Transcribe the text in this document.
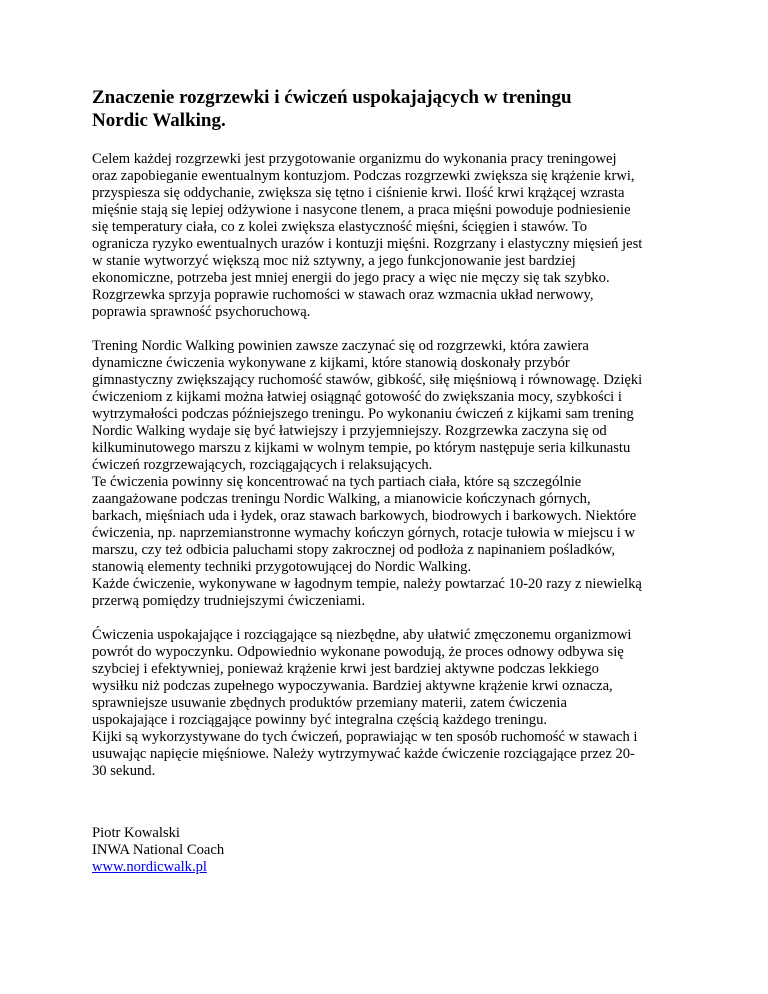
Znaczenie rozgrzewki i ćwiczeń uspokajających w treningu
Nordic Walking.
Celem każdej rozgrzewki jest przygotowanie organizmu do wykonania pracy treningowej
oraz zapobieganie ewentualnym kontuzjom. Podczas rozgrzewki zwiększa się krążenie krwi,
przyspiesza się oddychanie, zwiększa się tętno i ciśnienie krwi. Ilość krwi krążącej wzrasta
mięśnie stają się lepiej odżywione i nasycone tlenem, a praca mięśni powoduje podniesienie
się temperatury ciała, co z kolei zwiększa elastyczność mięśni, ścięgien i stawów. To
ogranicza ryzyko ewentualnych urazów i kontuzji mięśni. Rozgrzany i elastyczny mięsień jest
w stanie wytworzyć większą moc niż sztywny, a jego funkcjonowanie jest bardziej
ekonomiczne, potrzeba jest mniej energii do jego pracy a więc nie męczy się tak szybko.
Rozgrzewka sprzyja poprawie ruchomości w stawach oraz wzmacnia układ nerwowy,
poprawia sprawność psychoruchową.
Trening Nordic Walking powinien zawsze zaczynać się od rozgrzewki, która zawiera
dynamiczne ćwiczenia wykonywane z kijkami, które stanowią doskonały przybór
gimnastyczny zwiększający ruchomość stawów, gibkość, siłę mięśniową i równowagę. Dzięki
ćwiczeniom z kijkami można łatwiej osiągnąć gotowość do zwiększania mocy, szybkości i
wytrzymałości podczas późniejszego treningu. Po wykonaniu ćwiczeń z kijkami sam trening
Nordic Walking wydaje się być łatwiejszy i przyjemniejszy. Rozgrzewka zaczyna się od
kilkuminutowego marszu z kijkami w wolnym tempie, po którym następuje seria kilkunastu
ćwiczeń rozgrzewających, rozciągających i relaksujących.
Te ćwiczenia powinny się koncentrować na tych partiach ciała, które są szczególnie
zaangażowane podczas treningu Nordic Walking, a mianowicie kończynach górnych,
barkach, mięśniach uda i łydek, oraz stawach barkowych, biodrowych i barkowych. Niektóre
ćwiczenia, np. naprzemianstronne wymachy kończyn górnych, rotacje tułowia w miejscu i w
marszu, czy też odbicia paluchami stopy zakrocznej od podłoża z napinaniem pośladków,
stanowią elementy techniki przygotowującej do Nordic Walking.
Każde ćwiczenie, wykonywane w łagodnym tempie, należy powtarzać 10-20 razy z niewielką
przerwą pomiędzy trudniejszymi ćwiczeniami.
Ćwiczenia uspokajające i rozciągające są niezbędne, aby ułatwić zmęczonemu organizmowi
powrót do wypoczynku. Odpowiednio wykonane powodują, że proces odnowy odbywa się
szybciej i efektywniej, ponieważ krążenie krwi jest bardziej aktywne podczas lekkiego
wysiłku niż podczas zupełnego wypoczywania. Bardziej aktywne krążenie krwi oznacza,
sprawniejsze usuwanie zbędnych produktów przemiany materii, zatem ćwiczenia
uspokajające i rozciągające powinny być integralna częścią każdego treningu.
Kijki są wykorzystywane do tych ćwiczeń, poprawiając w ten sposób ruchomość w stawach i
usuwając napięcie mięśniowe. Należy wytrzymywać każde ćwiczenie rozciągające przez 20-
30 sekund.
Piotr Kowalski
INWA National Coach
www.nordicwalk.pl
